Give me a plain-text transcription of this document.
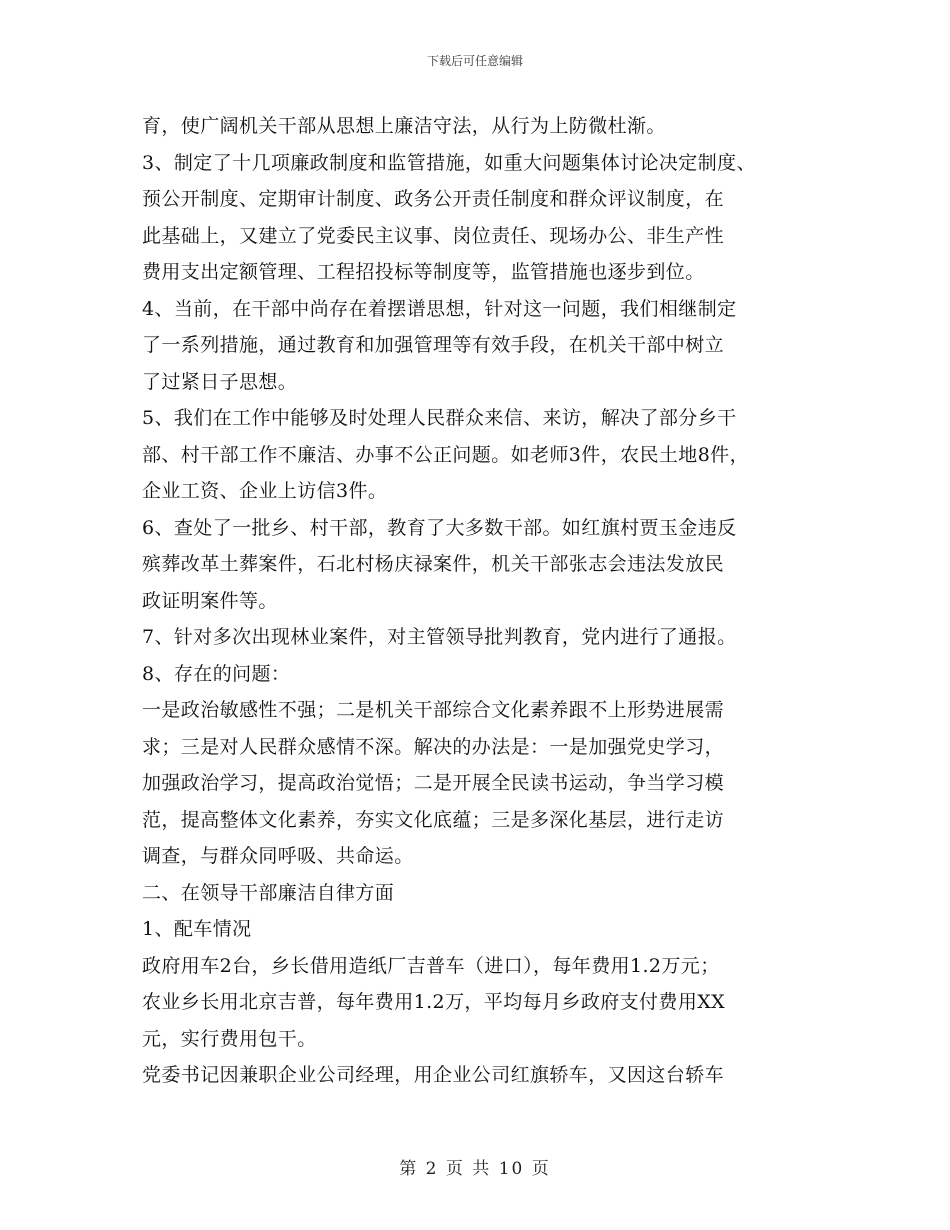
下载后可任意编辑
育，使广阔机关干部从思想上廉洁守法，从行为上防微杜渐。
3、制定了十几项廉政制度和监管措施，如重大问题集体讨论决定制度、
预公开制度、定期审计制度、政务公开责任制度和群众评议制度，在
此基础上，又建立了党委民主议事、岗位责任、现场办公、非生产性
费用支出定额管理、工程招投标等制度等，监管措施也逐步到位。
4、当前，在干部中尚存在着摆谱思想，针对这一问题，我们相继制定
了一系列措施，通过教育和加强管理等有效手段，在机关干部中树立
了过紧日子思想。
5、我们在工作中能够及时处理人民群众来信、来访，解决了部分乡干
部、村干部工作不廉洁、办事不公正问题。如老师3件，农民土地8件，
企业工资、企业上访信3件。
6、查处了一批乡、村干部，教育了大多数干部。如红旗村贾玉金违反
殡葬改革土葬案件，石北村杨庆禄案件，机关干部张志会违法发放民
政证明案件等。
7、针对多次出现林业案件，对主管领导批判教育，党内进行了通报。
8、存在的问题：
一是政治敏感性不强；二是机关干部综合文化素养跟不上形势进展需
求；三是对人民群众感情不深。解决的办法是：一是加强党史学习，
加强政治学习，提高政治觉悟；二是开展全民读书运动，争当学习模
范，提高整体文化素养，夯实文化底蕴；三是多深化基层，进行走访
调查，与群众同呼吸、共命运。
二、在领导干部廉洁自律方面
1、配车情况
政府用车2台，乡长借用造纸厂吉普车（进口），每年费用1.2万元；
农业乡长用北京吉普，每年费用1.2万，平均每月乡政府支付费用XX
元，实行费用包干。
党委书记因兼职企业公司经理，用企业公司红旗轿车，又因这台轿车
第 2 页 共 10 页
